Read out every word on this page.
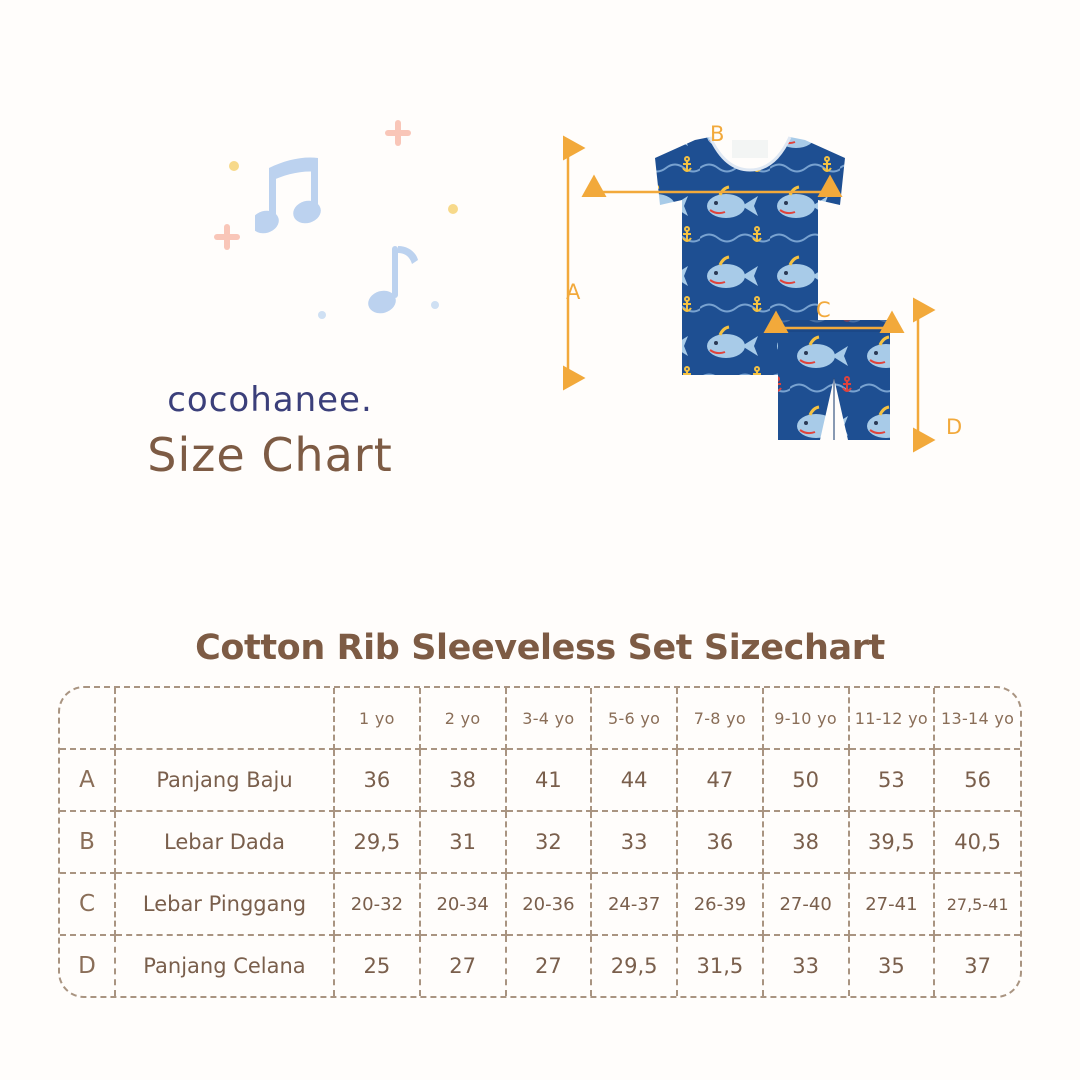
cocohanee.
Size Chart
A
B
C
D
Cotton Rib Sleeveless Set Sizechart
		1 yo	2 yo	3-4 yo	5-6 yo	7-8 yo	9-10 yo	11-12 yo	13-14 yo
A	Panjang Baju	36	38	41	44	47	50	53	56
B	Lebar Dada	29,5	31	32	33	36	38	39,5	40,5
C	Lebar Pinggang	20-32	20-34	20-36	24-37	26-39	27-40	27-41	27,5-41
D	Panjang Celana	25	27	27	29,5	31,5	33	35	37
